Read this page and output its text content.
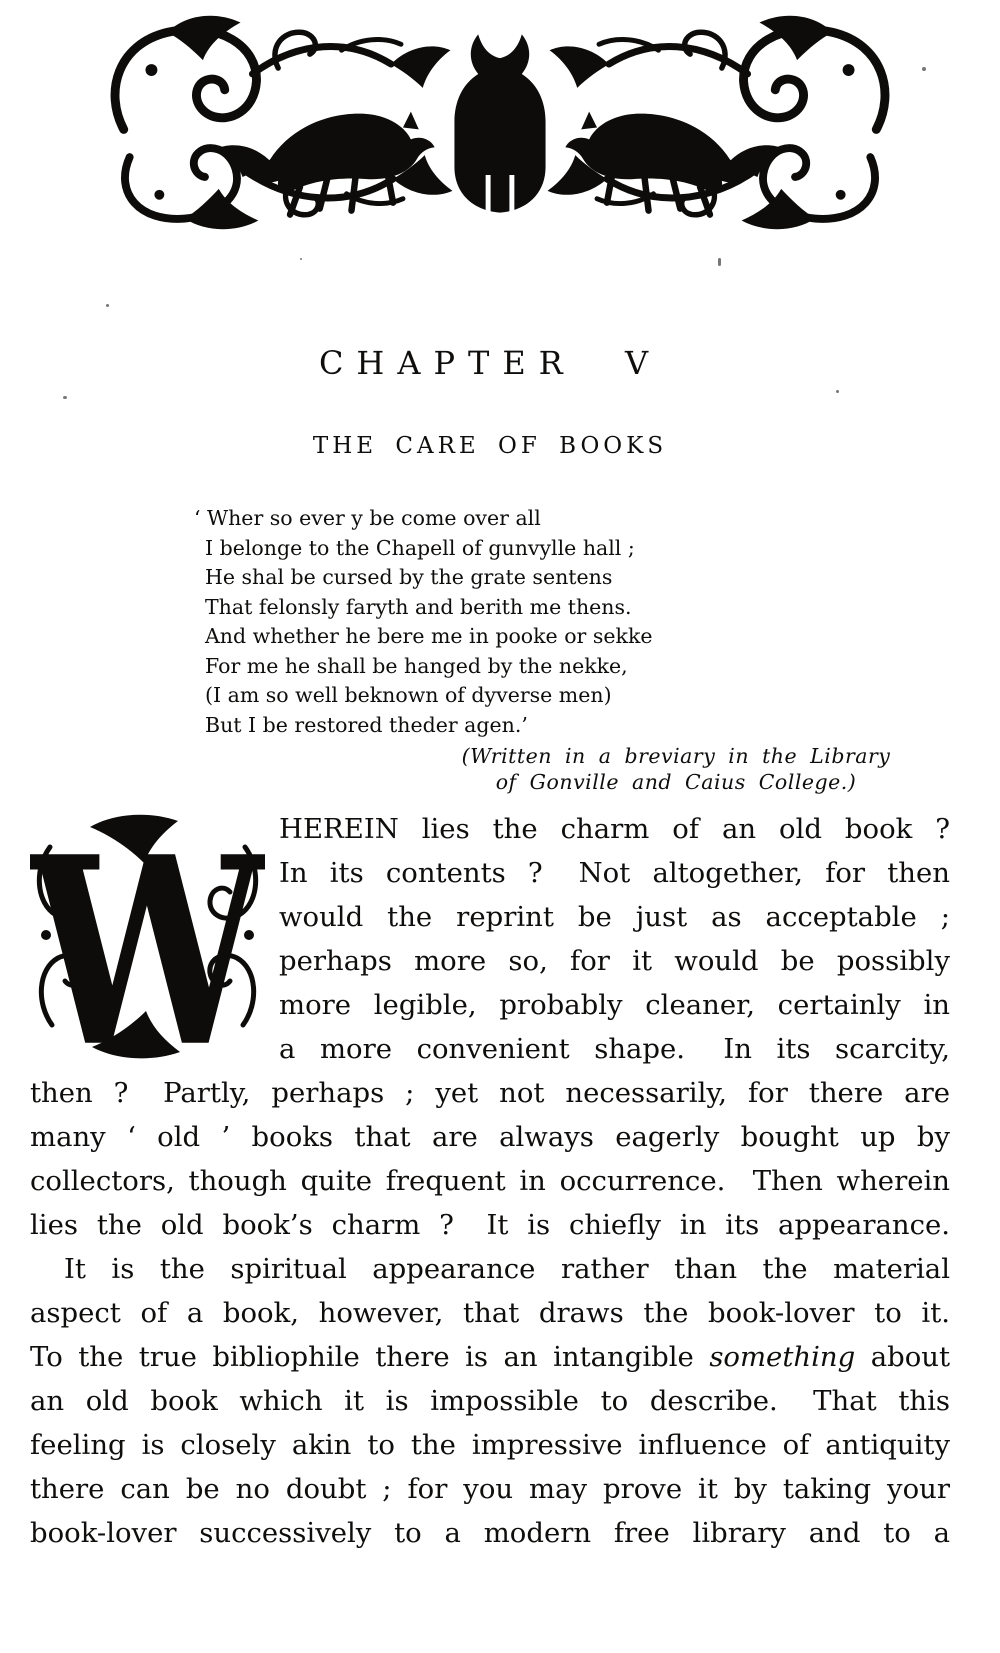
CHAPTER V
THE CARE OF BOOKS
‘ Wher so ever y be come over all
I belonge to the Chapell of gunvylle hall ;
He shal be cursed by the grate sentens
That felonsly faryth and berith me thens.
And whether he bere me in pooke or sekke
For me he shall be hanged by the nekke,
(I am so well beknown of dyverse men)
But I be restored theder agen.’
(Written in a breviary in the Library
of Gonville and Caius College.)
W HEREIN lies the charm of an old book ?
In its contents ?  Not altogether, for then
would the reprint be just as acceptable ;
perhaps more so, for it would be possibly
more legible, probably cleaner, certainly in
a more convenient shape.  In its scarcity,
then ?  Partly, perhaps ; yet not necessarily, for there are
many ‘ old ’ books that are always eagerly bought up by
collectors, though quite frequent in occurrence.  Then wherein
lies the old book’s charm ?  It is chiefly in its appearance.
It is the spiritual appearance rather than the material
aspect of a book, however, that draws the book-lover to it.
To the true bibliophile there is an intangible something about
an old book which it is impossible to describe.  That this
feeling is closely akin to the impressive influence of antiquity
there can be no doubt ; for you may prove it by taking your
book-lover successively to a modern free library and to a
